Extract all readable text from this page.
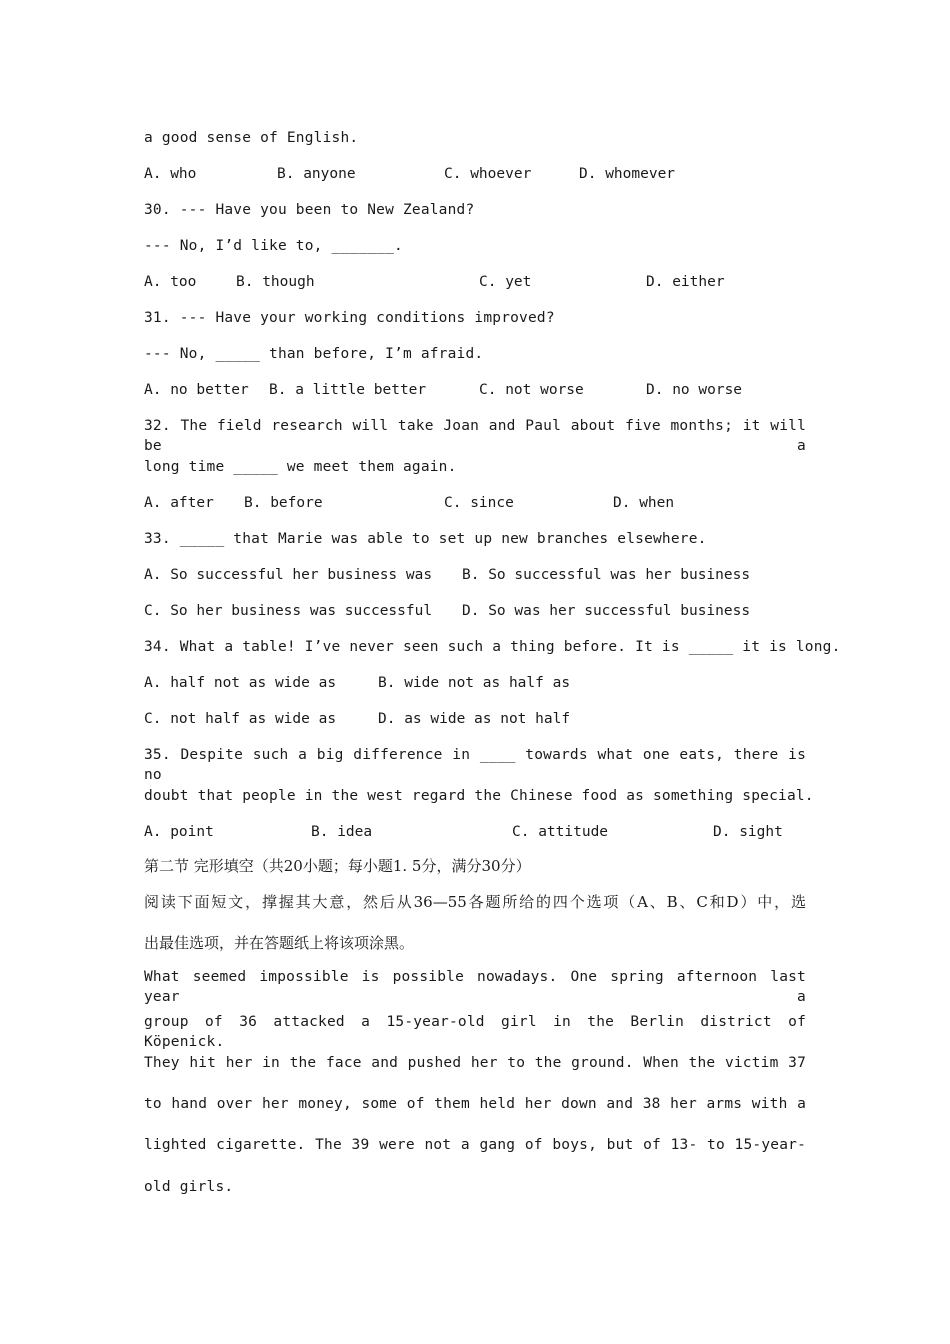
a good sense of English.
A. who	B. anyone	C. whoever	D. whomever
30. --- Have you been to New Zealand?
--- No, I’d like to, _______.
A. too	B. though	C. yet	D. either
31. --- Have your working conditions improved?
--- No, _____ than before, I’m afraid.
A. no better B. a little better	C. not worse	D. no worse
32. The field research will take Joan and Paul about five months; it will be a
long time _____ we meet them again.
A. after B. before	C. since	D. when
33. _____ that Marie was able to set up new branches elsewhere.
A. So successful her business was B. So successful was her business
C. So her business was successful D. So was her successful business
34. What a table! I’ve never seen such a thing before. It is _____ it is long.
A. half not as wide as	B. wide not as half as
C. not half as wide as	D. as wide as not half
35. Despite such a big difference in ____ towards what one eats, there is no
doubt that people in the west regard the Chinese food as something special.
A. point	B. idea	C. attitude	D. sight
第二节 完形填空（共20小题；每小题1. 5分，满分30分）
阅读下面短文，撑握其大意，然后从36—55各题所给的四个选项（A、B、C和D）中，选
出最佳选项，并在答题纸上将该项涂黑。
What seemed impossible is possible nowadays. One spring afternoon last year a
group of 36 attacked a 15-year-old girl in the Berlin district of Köpenick.
They hit her in the face and pushed her to the ground. When the victim 37
to hand over her money, some of them held her down and 38 her arms with a
lighted cigarette. The 39 were not a gang of boys, but of 13- to 15-year-
old girls.
